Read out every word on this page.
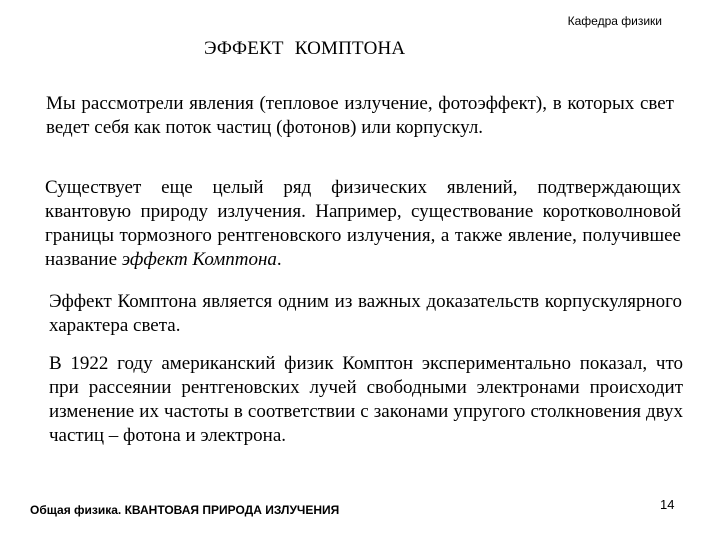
Кафедра физики
ЭФФЕКТ КОМПТОНА
Мы рассмотрели явления (тепловое излучение, фотоэффект), в которых свет ведет себя как поток частиц (фотонов) или корпускул.
Существует еще целый ряд физических явлений, подтверждающих квантовую природу излучения. Например, существование коротковолновой границы тормозного рентгеновского излучения, а также явление, получившее название эффект Комптона.
Эффект Комптона является одним из важных доказательств корпускулярного характера света.
В 1922 году американский физик Комптон экспериментально показал, что при рассеянии рентгеновских лучей свободными электронами происходит изменение их частоты в соответствии с законами упругого столкновения двух частиц – фотона и электрона.
Общая физика. КВАНТОВАЯ ПРИРОДА ИЗЛУЧЕНИЯ	14
